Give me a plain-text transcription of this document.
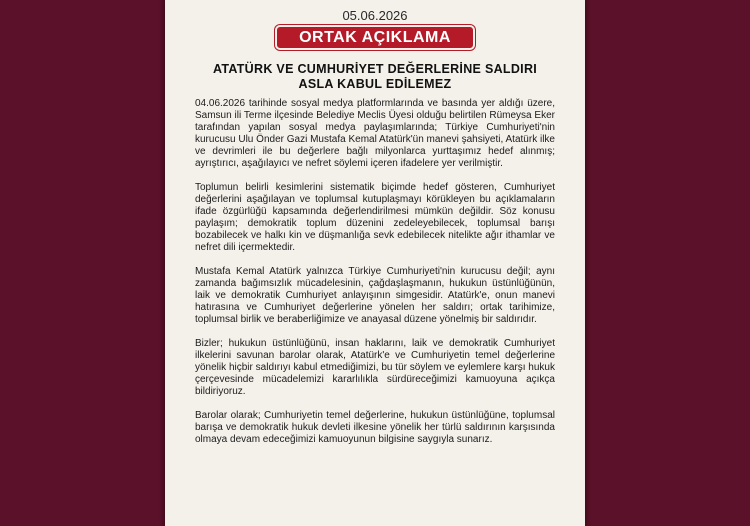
05.06.2026
ORTAK AÇIKLAMA
ATATÜRK VE CUMHURİYET DEĞERLERİNE SALDIRI
ASLA KABUL EDİLEMEZ

04.06.2026 tarihinde sosyal medya platformlarında ve basında yer aldığı üzere, Samsun ili Terme ilçesinde Belediye Meclis Üyesi olduğu belirtilen Rümeysa Eker tarafından yapılan sosyal medya paylaşımlarında; Türkiye Cumhuriyeti'nin kurucusu Ulu Önder Gazi Mustafa Kemal Atatürk'ün manevi şahsiyeti, Atatürk ilke ve devrimleri ile bu değerlere bağlı milyonlarca yurttaşımız hedef alınmış; ayrıştırıcı, aşağılayıcı ve nefret söylemi içeren ifadelere yer verilmiştir.

Toplumun belirli kesimlerini sistematik biçimde hedef gösteren, Cumhuriyet değerlerini aşağılayan ve toplumsal kutuplaşmayı körükleyen bu açıklamaların ifade özgürlüğü kapsamında değerlendirilmesi mümkün değildir. Söz konusu paylaşım; demokratik toplum düzenini zedeleyebilecek, toplumsal barışı bozabilecek ve halkı kin ve düşmanlığa sevk edebilecek nitelikte ağır ithamlar ve nefret dili içermektedir.

Mustafa Kemal Atatürk yalnızca Türkiye Cumhuriyeti'nin kurucusu değil; aynı zamanda bağımsızlık mücadelesinin, çağdaşlaşmanın, hukukun üstünlüğünün, laik ve demokratik Cumhuriyet anlayışının simgesidir. Atatürk'e, onun manevi hatırasına ve Cumhuriyet değerlerine yönelen her saldırı; ortak tarihimize, toplumsal birlik ve beraberliğimize ve anayasal düzene yönelmiş bir saldırıdır.

Bizler; hukukun üstünlüğünü, insan haklarını, laik ve demokratik Cumhuriyet ilkelerini savunan barolar olarak, Atatürk'e ve Cumhuriyetin temel değerlerine yönelik hiçbir saldırıyı kabul etmediğimizi, bu tür söylem ve eylemlere karşı hukuk çerçevesinde mücadelemizi kararlılıkla sürdüreceğimizi kamuoyuna açıkça bildiriyoruz.

Barolar olarak; Cumhuriyetin temel değerlerine, hukukun üstünlüğüne, toplumsal barışa ve demokratik hukuk devleti ilkesine yönelik her türlü saldırının karşısında olmaya devam edeceğimizi kamuoyunun bilgisine saygıyla sunarız.
